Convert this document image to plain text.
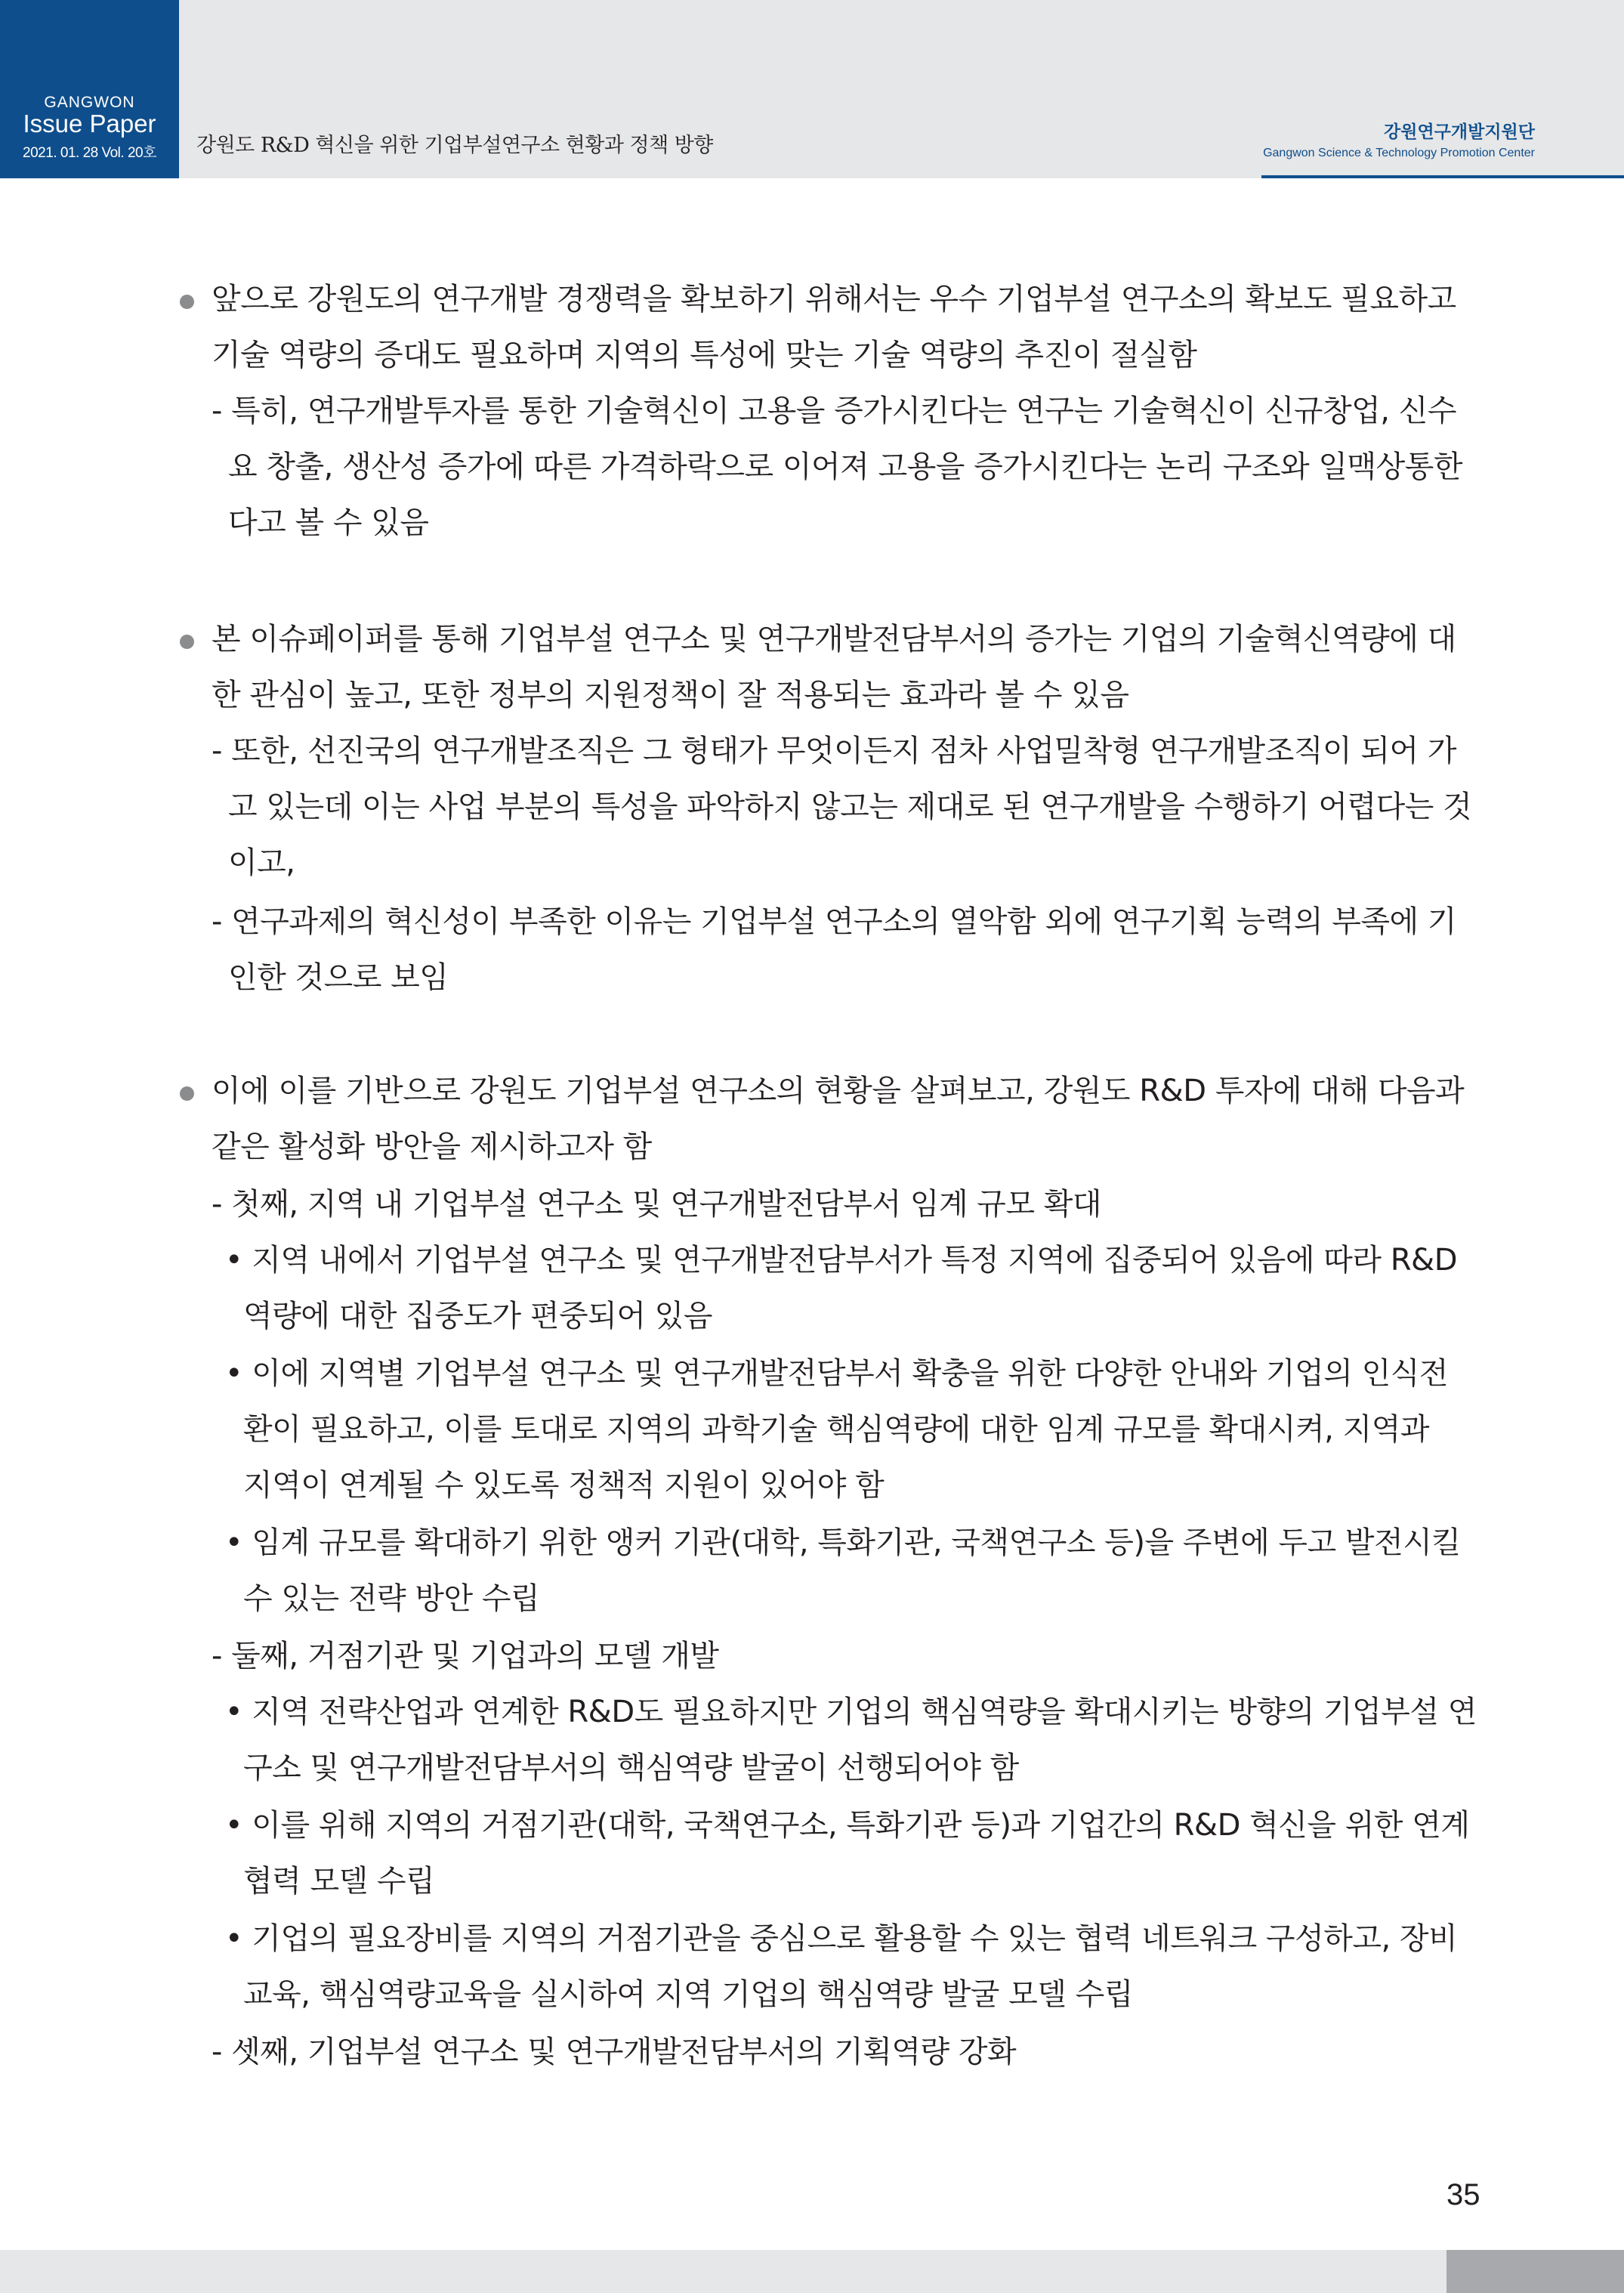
GANGWON
Issue Paper
2021. 01. 28 Vol. 20호	강원도 R&D 혁신을 위한 기업부설연구소 현황과 정책 방향
강원연구개발지원단
Gangwon Science & Technology Promotion Center
앞으로 강원도의 연구개발 경쟁력을 확보하기 위해서는 우수 기업부설 연구소의 확보도 필요하고
기술 역량의 증대도 필요하며 지역의 특성에 맞는 기술 역량의 추진이 절실함
- 특히, 연구개발투자를 통한 기술혁신이 고용을 증가시킨다는 연구는 기술혁신이 신규창업, 신수
요 창출, 생산성 증가에 따른 가격하락으로 이어져 고용을 증가시킨다는 논리 구조와 일맥상통한
다고 볼 수 있음
본 이슈페이퍼를 통해 기업부설 연구소 및 연구개발전담부서의 증가는 기업의 기술혁신역량에 대
한 관심이 높고, 또한 정부의 지원정책이 잘 적용되는 효과라 볼 수 있음
- 또한, 선진국의 연구개발조직은 그 형태가 무엇이든지 점차 사업밀착형 연구개발조직이 되어 가
고 있는데 이는 사업 부분의 특성을 파악하지 않고는 제대로 된 연구개발을 수행하기 어렵다는 것
이고,
- 연구과제의 혁신성이 부족한 이유는 기업부설 연구소의 열악함 외에 연구기획 능력의 부족에 기
인한 것으로 보임
이에 이를 기반으로 강원도 기업부설 연구소의 현황을 살펴보고, 강원도 R&D 투자에 대해 다음과
같은 활성화 방안을 제시하고자 함
- 첫째, 지역 내 기업부설 연구소 및 연구개발전담부서 임계 규모 확대
• 지역 내에서 기업부설 연구소 및 연구개발전담부서가 특정 지역에 집중되어 있음에 따라 R&D
역량에 대한 집중도가 편중되어 있음
• 이에 지역별 기업부설 연구소 및 연구개발전담부서 확충을 위한 다양한 안내와 기업의 인식전
환이 필요하고, 이를 토대로 지역의 과학기술 핵심역량에 대한 임계 규모를 확대시켜, 지역과
지역이 연계될 수 있도록 정책적 지원이 있어야 함
• 임계 규모를 확대하기 위한 앵커 기관(대학, 특화기관, 국책연구소 등)을 주변에 두고 발전시킬
수 있는 전략 방안 수립
- 둘째, 거점기관 및 기업과의 모델 개발
• 지역 전략산업과 연계한 R&D도 필요하지만 기업의 핵심역량을 확대시키는 방향의 기업부설 연
구소 및 연구개발전담부서의 핵심역량 발굴이 선행되어야 함
• 이를 위해 지역의 거점기관(대학, 국책연구소, 특화기관 등)과 기업간의 R&D 혁신을 위한 연계
협력 모델 수립
• 기업의 필요장비를 지역의 거점기관을 중심으로 활용할 수 있는 협력 네트워크 구성하고, 장비
교육, 핵심역량교육을 실시하여 지역 기업의 핵심역량 발굴 모델 수립
- 셋째, 기업부설 연구소 및 연구개발전담부서의 기획역량 강화
35
